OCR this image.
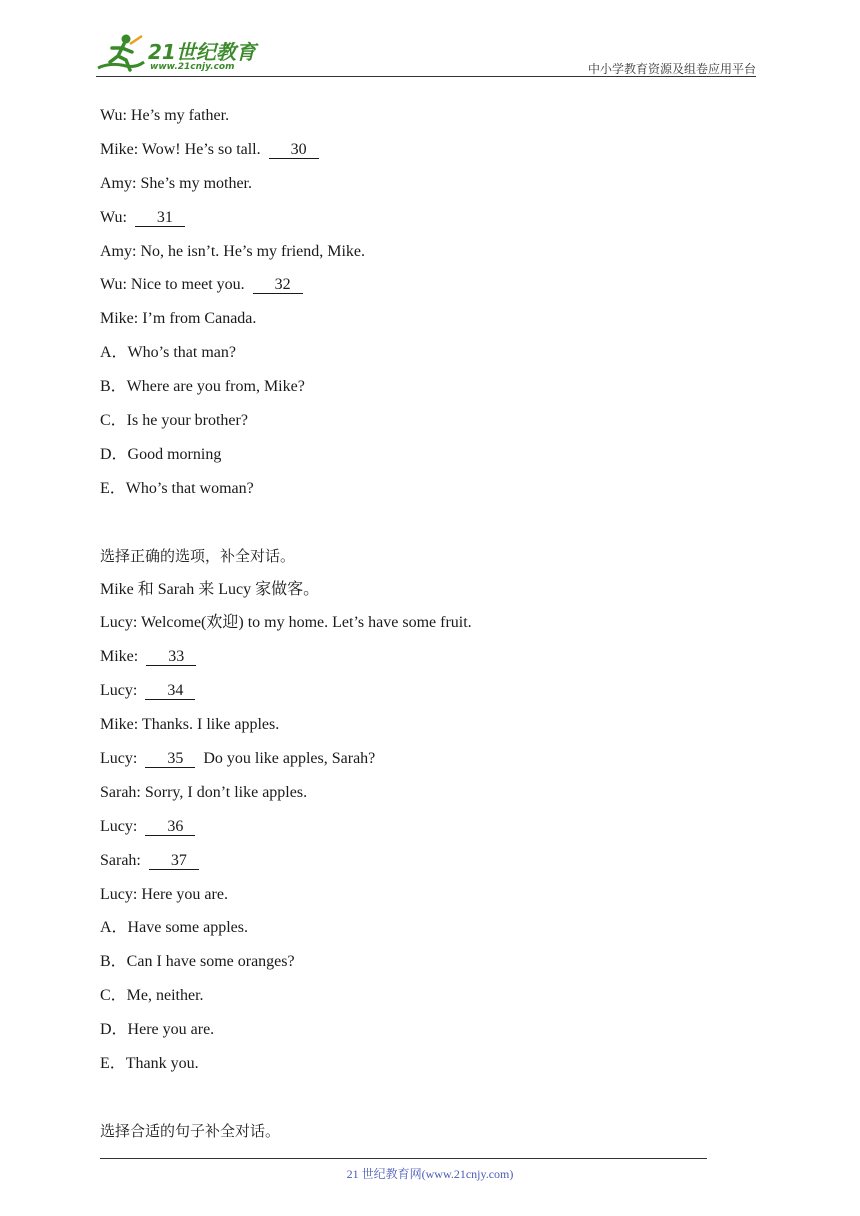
21世纪教育
www.21cnjy.com	中小学教育资源及组卷应用平台
Wu: He’s my father.
Mike: Wow! He’s so tall. 30
Amy: She’s my mother.
Wu: 31
Amy: No, he isn’t. He’s my friend, Mike.
Wu: Nice to meet you. 32
Mike: I’m from Canada.
A．Who’s that man?
B．Where are you from, Mike?
C．Is he your brother?
D．Good morning
E．Who’s that woman?
选择正确的选项，补全对话。
Mike 和 Sarah 来 Lucy 家做客。
Lucy: Welcome(欢迎) to my home. Let’s have some fruit.
Mike: 33
Lucy: 34
Mike: Thanks. I like apples.
Lucy: 35 Do you like apples, Sarah?
Sarah: Sorry, I don’t like apples.
Lucy: 36
Sarah: 37
Lucy: Here you are.
A．Have some apples.
B．Can I have some oranges?
C．Me, neither.
D．Here you are.
E．Thank you.
选择合适的句子补全对话。
21 世纪教育网(www.21cnjy.com)
